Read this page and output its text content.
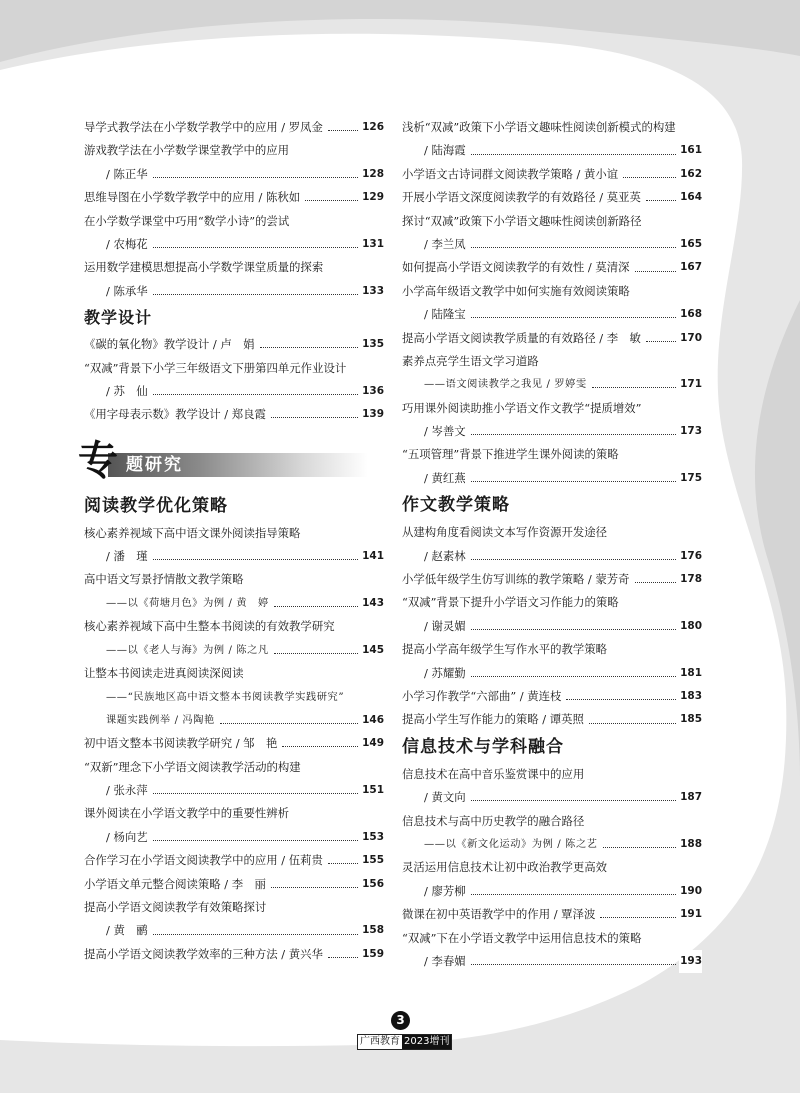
导学式教学法在小学数学教学中的应用 / 罗凤金	126
游戏教学法在小学数学课堂教学中的应用
/ 陈正华	128
思维导图在小学数学教学中的应用 / 陈秋如	129
在小学数学课堂中巧用“数学小诗”的尝试
/ 农梅花	131
运用数学建模思想提高小学数学课堂质量的探索
/ 陈承华	133
教学设计
《碳的氧化物》教学设计 / 卢　娟	135
“双减”背景下小学三年级语文下册第四单元作业设计
/ 苏　仙	136
《用字母表示数》教学设计 / 郑良霞	139
专 题研究
阅读教学优化策略
核心素养视域下高中语文课外阅读指导策略
/ 潘　瑾	141
高中语文写景抒情散文教学策略
——以《荷塘月色》为例 / 黄　婷	143
核心素养视域下高中生整本书阅读的有效教学研究
——以《老人与海》为例 / 陈之凡	145
让整本书阅读走进真阅读深阅读
——“民族地区高中语文整本书阅读教学实践研究”
课题实践例举 / 冯陶艳	146
初中语文整本书阅读教学研究 / 邹　艳	149
“双新”理念下小学语文阅读教学活动的构建
/ 张永萍	151
课外阅读在小学语文教学中的重要性辨析
/ 杨向艺	153
合作学习在小学语文阅读教学中的应用 / 伍莉贵	155
小学语文单元整合阅读策略 / 李　丽	156
提高小学语文阅读教学有效策略探讨
/ 黄　鹂	158
提高小学语文阅读教学效率的三种方法 / 黄兴华	159
浅析“双减”政策下小学语文趣味性阅读创新模式的构建
/ 陆海霞	161
小学语文古诗词群文阅读教学策略 / 黄小谊	162
开展小学语文深度阅读教学的有效路径 / 莫亚英	164
探讨“双减”政策下小学语文趣味性阅读创新路径
/ 李兰凤	165
如何提高小学语文阅读教学的有效性 / 莫清深	167
小学高年级语文教学中如何实施有效阅读策略
/ 陆隆宝	168
提高小学语文阅读教学质量的有效路径 / 李　敏	170
素养点亮学生语文学习道路
——语文阅读教学之我见 / 罗婷雯	171
巧用课外阅读助推小学语文作文教学“提质增效”
/ 岑善文	173
“五项管理”背景下推进学生课外阅读的策略
/ 黄红燕	175
作文教学策略
从建构角度看阅读文本写作资源开发途径
/ 赵素林	176
小学低年级学生仿写训练的教学策略 / 蒙芳奇	178
“双减”背景下提升小学语文习作能力的策略
/ 谢灵媚	180
提高小学高年级学生写作水平的教学策略
/ 苏耀勤	181
小学习作教学“六部曲” / 黄连枝	183
提高小学生写作能力的策略 / 谭英照	185
信息技术与学科融合
信息技术在高中音乐鉴赏课中的应用
/ 黄文向	187
信息技术与高中历史教学的融合路径
——以《新文化运动》为例 / 陈之艺	188
灵活运用信息技术让初中政治教学更高效
/ 廖芳柳	190
微课在初中英语教学中的作用 / 覃泽波	191
“双减”下在小学语文教学中运用信息技术的策略
/ 李春媚	193
3
广西教育 2023增刊
